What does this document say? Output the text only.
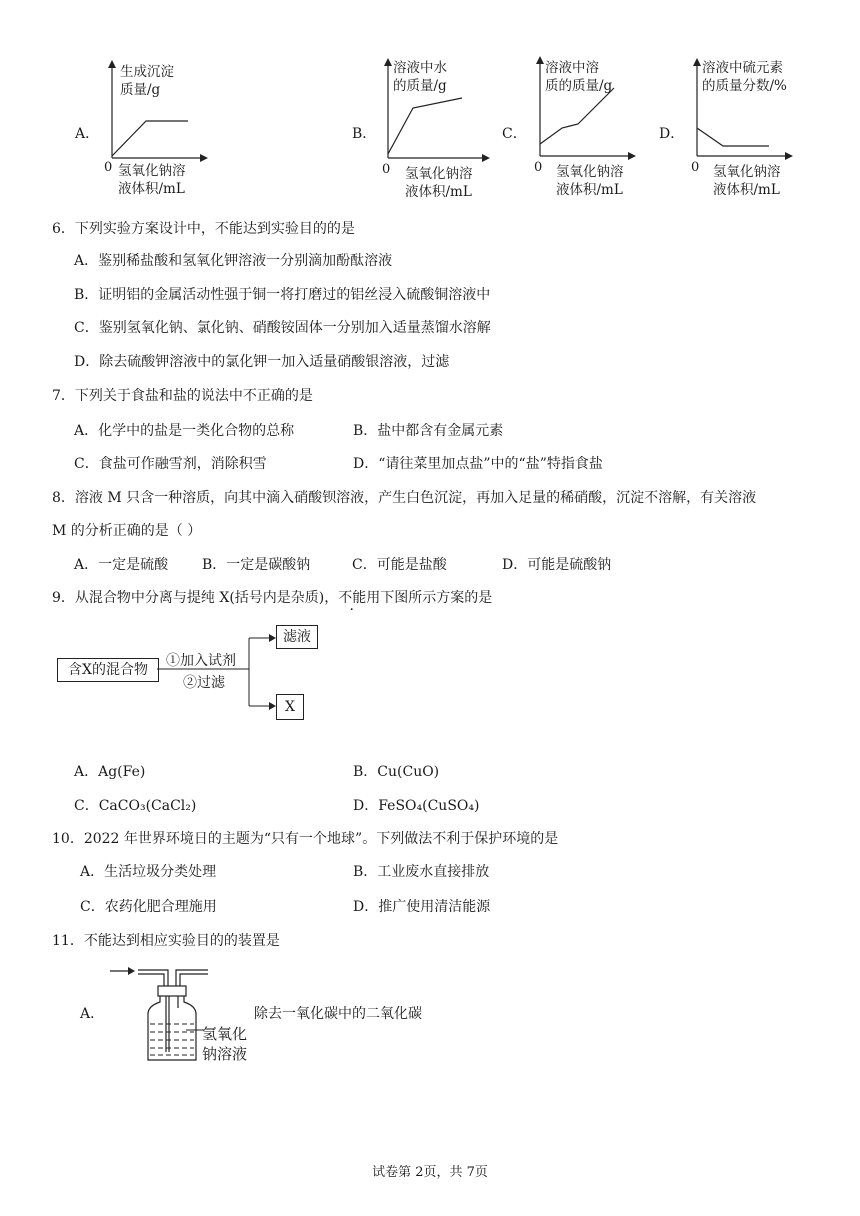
A．
生成沉淀
质量/g
0 氢氧化钠溶
液体积/mL
B．
溶液中水
的质量/g
0 氢氧化钠溶
液体积/mL
C．
溶液中溶
质的质量/g
0 氢氧化钠溶
液体积/mL
D．
溶液中硫元素
的质量分数/%
0 氢氧化钠溶
液体积/mL
6．下列实验方案设计中，不能达到实验目的的是
A．鉴别稀盐酸和氢氧化钾溶液一分别滴加酚酞溶液
B．证明铝的金属活动性强于铜一将打磨过的铝丝浸入硫酸铜溶液中
C．鉴别氢氧化钠、氯化钠、硝酸铵固体一分别加入适量蒸馏水溶解
D．除去硫酸钾溶液中的氯化钾一加入适量硝酸银溶液，过滤
7．下列关于食盐和盐的说法中不正确的是
A．化学中的盐是一类化合物的总称	B．盐中都含有金属元素
C．食盐可作融雪剂，消除积雪	D．“请往菜里加点盐”中的“盐”特指食盐
8．溶液 M 只含一种溶质，向其中滴入硝酸钡溶液，产生白色沉淀，再加入足量的稀硝酸，沉淀不溶解，有关溶液
M 的分析正确的是（ ）
A．一定是硫酸 B．一定是碳酸钠	C．可能是盐酸	D．可能是硫酸钠
9．从混合物中分离与提纯 X(括号内是杂质)，不能用下图所示方案的是
含X的混合物
滤液
X
①加入试剂
②过滤
A．Ag(Fe)	B．Cu(CuO)
C．CaCO₃(CaCl₂)	D．FeSO₄(CuSO₄)
10．2022 年世界环境日的主题为“只有一个地球”。下列做法不利于保护环境的是
A．生活垃圾分类处理	B．工业废水直接排放
C．农药化肥合理施用	D．推广使用清洁能源
11．不能达到相应实验目的的装置是
A．
氢氧化
钠溶液
除去一氧化碳中的二氧化碳
试卷第 2页，共 7页
